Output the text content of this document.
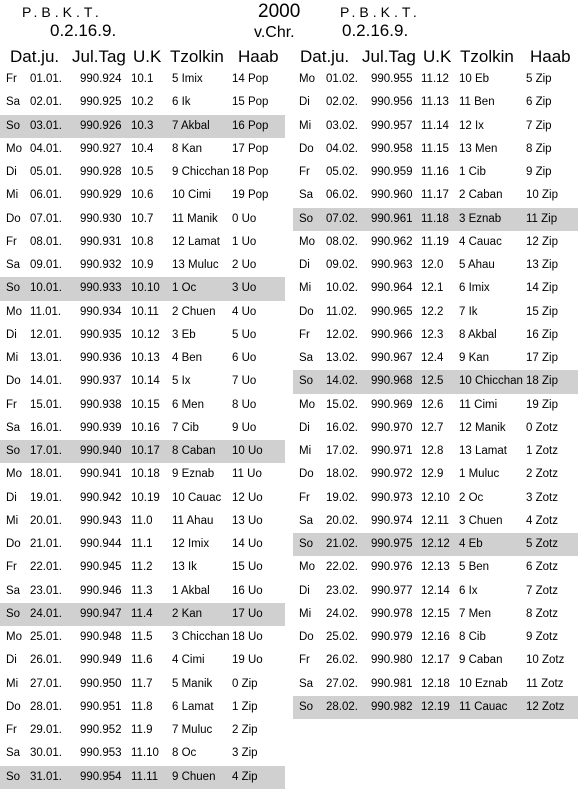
P.B.K.T.
0.2.16.9.
2000
v.Chr.
P.B.K.T.
0.2.16.9.
Dat.ju. Jul.Tag U.K Tzolkin Haab Dat.ju. Jul.Tag U.K Tzolkin Haab
Fr 01.01. 990.924 10.1 5 Imix	14 Pop
Sa 02.01. 990.925 10.2 6 Ik	15 Pop
So 03.01. 990.926 10.3 7 Akbal 16 Pop
Mo 04.01. 990.927 10.4 8 Kan	17 Pop
Di 05.01. 990.928 10.5 9 Chicchan 18 Pop
Mi 06.01. 990.929 10.6 10 Cimi 19 Pop
Do 07.01. 990.930 10.7 11 Manik 0 Uo
Fr 08.01. 990.931 10.8 12 Lamat 1 Uo
Sa 09.01. 990.932 10.9 13 Muluc 2 Uo
So 10.01. 990.933 10.10 1 Oc	3 Uo
Mo 11.01. 990.934 10.11 2 Chuen 4 Uo
Di 12.01. 990.935 10.12 3 Eb	5 Uo
Mi 13.01. 990.936 10.13 4 Ben	6 Uo
Do 14.01. 990.937 10.14 5 Ix	7 Uo
Fr 15.01. 990.938 10.15 6 Men 8 Uo
Sa 16.01. 990.939 10.16 7 Cib	9 Uo
So 17.01. 990.940 10.17 8 Caban 10 Uo
Mo 18.01. 990.941 10.18 9 Eznab 11 Uo
Di 19.01. 990.942 10.19 10 Cauac 12 Uo
Mi 20.01. 990.943 11.0 11 Ahau 13 Uo
Do 21.01. 990.944 11.1 12 Imix 14 Uo
Fr 22.01. 990.945 11.2 13 Ik	15 Uo
Sa 23.01. 990.946 11.3 1 Akbal 16 Uo
So 24.01. 990.947 11.4 2 Kan	17 Uo
Mo 25.01. 990.948 11.5 3 Chicchan 18 Uo
Di 26.01. 990.949 11.6 4 Cimi 19 Uo
Mi 27.01. 990.950 11.7 5 Manik 0 Zip
Do 28.01. 990.951 11.8 6 Lamat 1 Zip
Fr 29.01. 990.952 11.9 7 Muluc 2 Zip
Sa 30.01. 990.953 11.10 8 Oc	3 Zip
So 31.01. 990.954 11.11 9 Chuen 4 Zip
Mo 01.02. 990.955 11.12 10 Eb	5 Zip
Di 02.02. 990.956 11.13 11 Ben	6 Zip
Mi 03.02. 990.957 11.14 12 Ix	7 Zip
Do 04.02. 990.958 11.15 13 Men 8 Zip
Fr 05.02. 990.959 11.16 1 Cib	9 Zip
Sa 06.02. 990.960 11.17 2 Caban 10 Zip
So 07.02. 990.961 11.18 3 Eznab 11 Zip
Mo 08.02. 990.962 11.19 4 Cauac 12 Zip
Di 09.02. 990.963 12.0 5 Ahau	13 Zip
Mi 10.02. 990.964 12.1 6 Imix	14 Zip
Do 11.02. 990.965 12.2 7 Ik	15 Zip
Fr 12.02. 990.966 12.3 8 Akbal	16 Zip
Sa 13.02. 990.967 12.4 9 Kan	17 Zip
So 14.02. 990.968 12.5 10 Chicchan 18 Zip
Mo 15.02. 990.969 12.6 11 Cimi	19 Zip
Di 16.02. 990.970 12.7 12 Manik 0 Zotz
Mi 17.02. 990.971 12.8 13 Lamat 1 Zotz
Do 18.02. 990.972 12.9 1 Muluc 2 Zotz
Fr 19.02. 990.973 12.10 2 Oc	3 Zotz
Sa 20.02. 990.974 12.11 3 Chuen 4 Zotz
So 21.02. 990.975 12.12 4 Eb	5 Zotz
Mo 22.02. 990.976 12.13 5 Ben	6 Zotz
Di 23.02. 990.977 12.14 6 Ix	7 Zotz
Mi 24.02. 990.978 12.15 7 Men	8 Zotz
Do 25.02. 990.979 12.16 8 Cib	9 Zotz
Fr 26.02. 990.980 12.17 9 Caban 10 Zotz
Sa 27.02. 990.981 12.18 10 Eznab 11 Zotz
So 28.02. 990.982 12.19 11 Cauac 12 Zotz
